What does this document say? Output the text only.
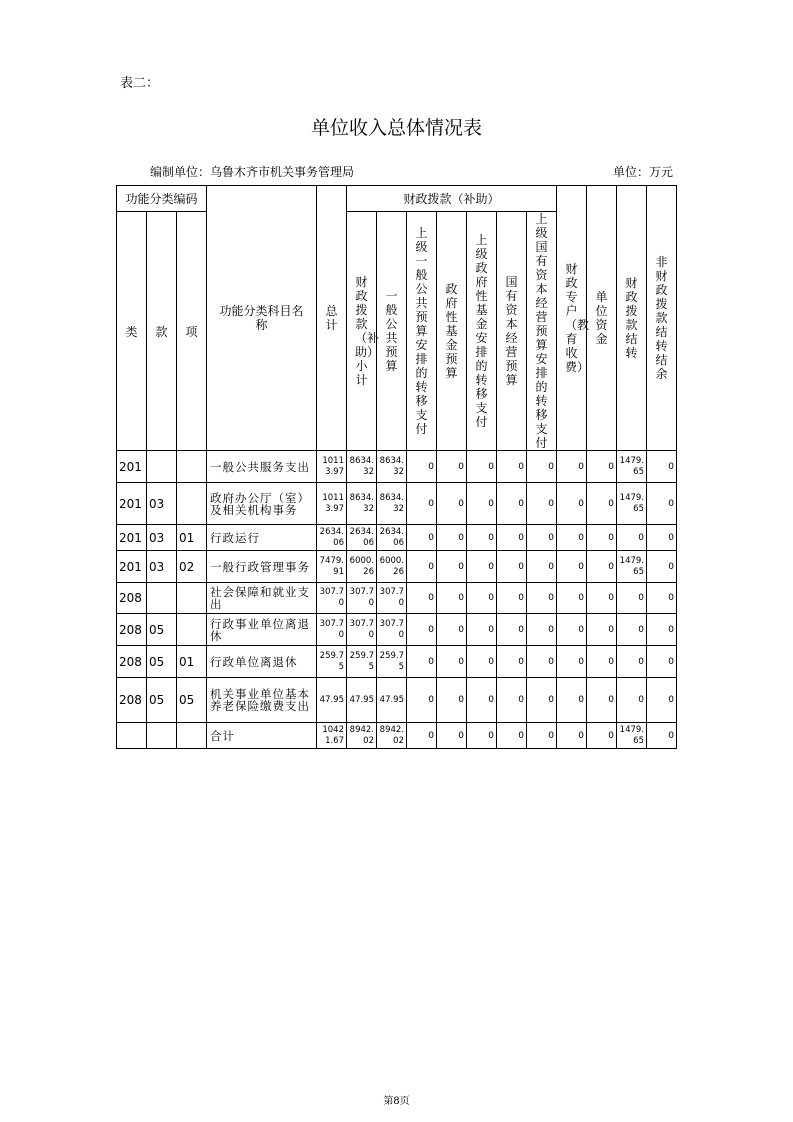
表二：
单位收入总体情况表
编制单位：乌鲁木齐市机关事务管理局	单位：万元
功能分类编码			功能分类科目名称	总计	财政拨款（补助）							财政专户（教育收费）	单位资金	财政拨款结转	非财政拨款结转结余

类	款	项			财政拨款（补助）小计	一般公共预算	上级一般公共预算安排的转移支付	政府性基金预算	上级政府性基金安排的转移支付	国有资本经营预算	上级国有资本经营预算安排的转移支付				

201			一般公共服务支出	10113.97	8634.32	8634.32	0	0	0	0	0	0	0	1479.65	0
201	03		政府办公厅（室）及相关机构事务	10113.97	8634.32	8634.32	0	0	0	0	0	0	0	1479.65	0
201	03	01	行政运行	2634.06	2634.06	2634.06	0	0	0	0	0	0	0	0	0
201	03	02	一般行政管理事务	7479.91	6000.26	6000.26	0	0	0	0	0	0	0	1479.65	0
208			社会保障和就业支出	307.70	307.70	307.70	0	0	0	0	0	0	0	0	0
208	05		行政事业单位离退休	307.70	307.70	307.70	0	0	0	0	0	0	0	0	0
208	05	01	行政单位离退休	259.75	259.75	259.75	0	0	0	0	0	0	0	0	0
208	05	05	机关事业单位基本养老保险缴费支出	47.95	47.95	47.95	0	0	0	0	0	0	0	0	0
			合计	10421.67	8942.02	8942.02	0	0	0	0	0	0	0	1479.65	0
第8页
